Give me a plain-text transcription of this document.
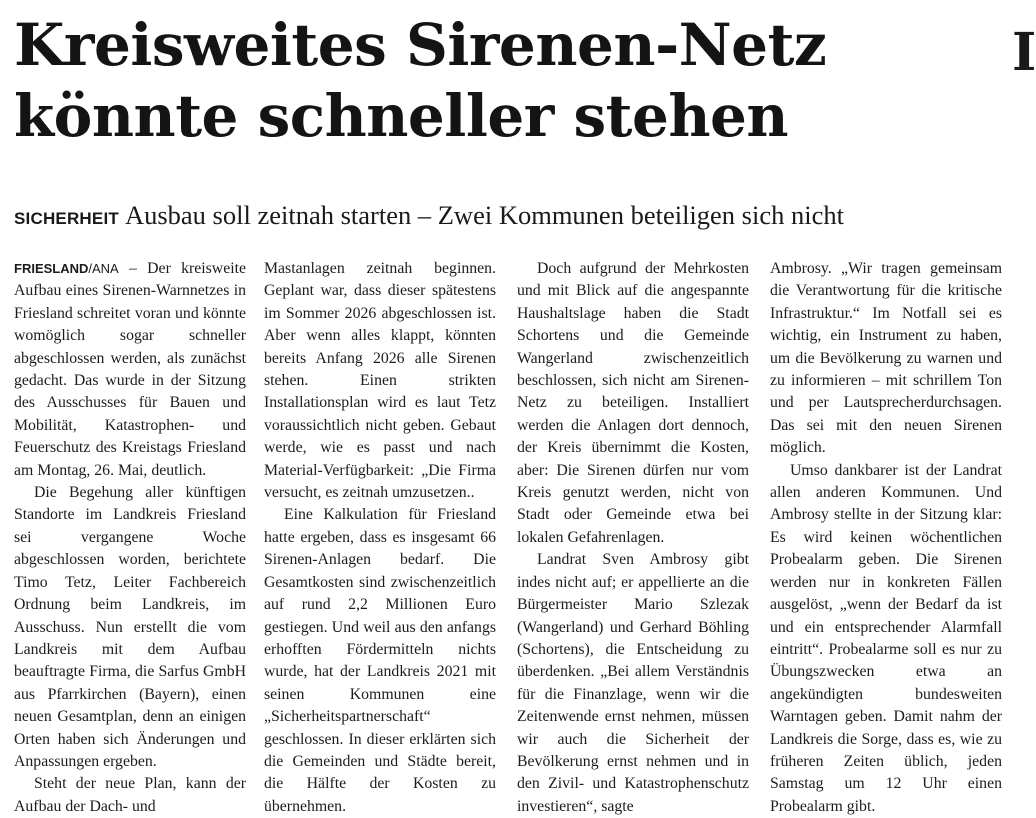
Kreisweites Sirenen-Netz
könnte schneller stehen
SICHERHEIT Ausbau soll zeitnah starten – Zwei Kommunen beteiligen sich nicht

FRIESLAND/ANA – Der kreisweite Aufbau eines Sirenen-Warnnetzes in Friesland schreitet voran und könnte womöglich sogar schneller abgeschlossen werden, als zunächst gedacht. Das wurde in der Sitzung des Ausschusses für Bauen und Mobilität, Katastrophen- und Feuerschutz des Kreistags Friesland am Montag, 26. Mai, deutlich.

Die Begehung aller künftigen Standorte im Landkreis Friesland sei vergangene Woche abgeschlossen worden, berichtete Timo Tetz, Leiter Fachbereich Ordnung beim Landkreis, im Ausschuss. Nun erstellt die vom Landkreis mit dem Aufbau beauftragte Firma, die Sarfus GmbH aus Pfarrkirchen (Bayern), einen neuen Gesamtplan, denn an einigen Orten haben sich Änderungen und Anpassungen ergeben.

Steht der neue Plan, kann der Aufbau der Dach- und

Mastanlagen zeitnah beginnen. Geplant war, dass dieser spätestens im Sommer 2026 abgeschlossen ist. Aber wenn alles klappt, könnten bereits Anfang 2026 alle Sirenen stehen. Einen strikten Installationsplan wird es laut Tetz voraussichtlich nicht geben. Gebaut werde, wie es passt und nach Material-Verfügbarkeit: „Die Firma versucht, es zeitnah umzusetzen..

Eine Kalkulation für Friesland hatte ergeben, dass es insgesamt 66 Sirenen-Anlagen bedarf. Die Gesamtkosten sind zwischenzeitlich auf rund 2,2 Millionen Euro gestiegen. Und weil aus den anfangs erhofften Fördermitteln nichts wurde, hat der Landkreis 2021 mit seinen Kommunen eine „Sicherheitspartnerschaft“ geschlossen. In dieser erklärten sich die Gemeinden und Städte bereit, die Hälfte der Kosten zu übernehmen.

Doch aufgrund der Mehrkosten und mit Blick auf die angespannte Haushaltslage haben die Stadt Schortens und die Gemeinde Wangerland zwischenzeitlich beschlossen, sich nicht am Sirenen-Netz zu beteiligen. Installiert werden die Anlagen dort dennoch, der Kreis übernimmt die Kosten, aber: Die Sirenen dürfen nur vom Kreis genutzt werden, nicht von Stadt oder Gemeinde etwa bei lokalen Gefahrenlagen.

Landrat Sven Ambrosy gibt indes nicht auf; er appellierte an die Bürgermeister Mario Szlezak (Wangerland) und Gerhard Böhling (Schortens), die Entscheidung zu überdenken. „Bei allem Verständnis für die Finanzlage, wenn wir die Zeitenwende ernst nehmen, müssen wir auch die Sicherheit der Bevölkerung ernst nehmen und in den Zivil- und Katastrophenschutz investieren“, sagte

Ambrosy. „Wir tragen gemeinsam die Verantwortung für die kritische Infrastruktur.“ Im Notfall sei es wichtig, ein Instrument zu haben, um die Bevölkerung zu warnen und zu informieren – mit schrillem Ton und per Lautsprecherdurchsagen. Das sei mit den neuen Sirenen möglich.

Umso dankbarer ist der Landrat allen anderen Kommunen. Und Ambrosy stellte in der Sitzung klar: Es wird keinen wöchentlichen Probealarm geben. Die Sirenen werden nur in konkreten Fällen ausgelöst, „wenn der Bedarf da ist und ein entsprechender Alarmfall eintritt“. Probealarme soll es nur zu Übungszwecken etwa an angekündigten bundesweiten Warntagen geben. Damit nahm der Landkreis die Sorge, dass es, wie zu früheren Zeiten üblich, jeden Samstag um 12 Uhr einen Probealarm gibt.

I
